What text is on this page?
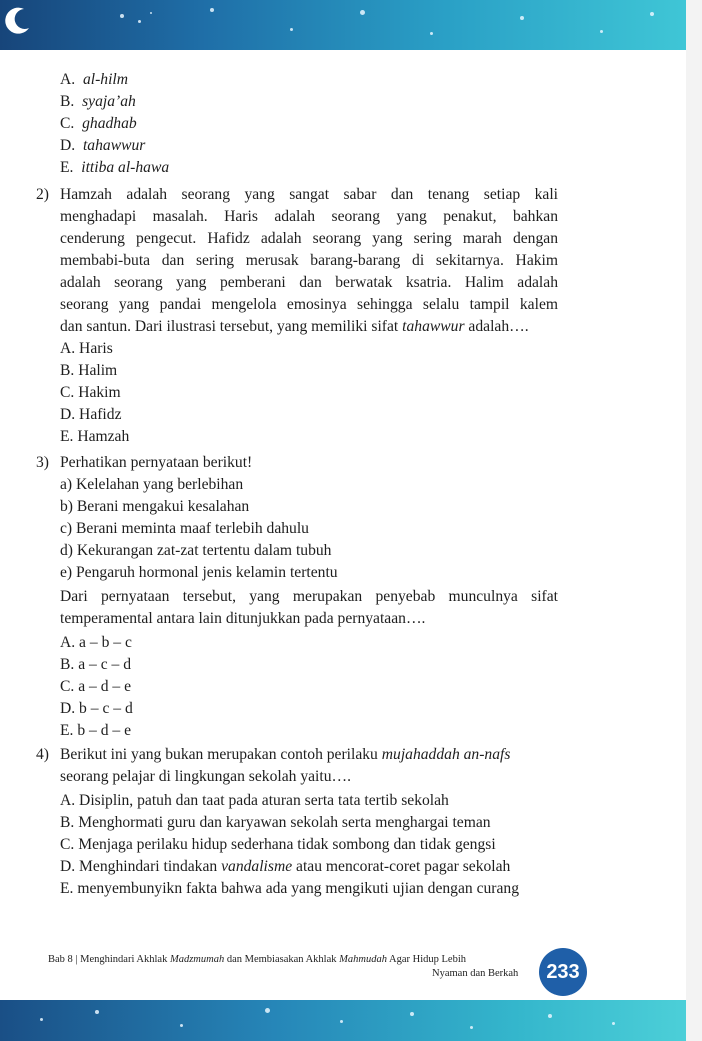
A. al-hilm
B. syaja’ah
C. ghadhab
D. tahawwur
E. ittiba al-hawa
2) Hamzah adalah seorang yang sangat sabar dan tenang setiap kali
menghadapi masalah. Haris adalah seorang yang penakut, bahkan
cenderung pengecut. Hafidz adalah seorang yang sering marah dengan
membabi-buta dan sering merusak barang-barang di sekitarnya. Hakim
adalah seorang yang pemberani dan berwatak ksatria. Halim adalah
seorang yang pandai mengelola emosinya sehingga selalu tampil kalem
dan santun. Dari ilustrasi tersebut, yang memiliki sifat tahawwur adalah….
A. Haris
B. Halim
C. Hakim
D. Hafidz
E. Hamzah
3) Perhatikan pernyataan berikut!
a) Kelelahan yang berlebihan
b) Berani mengakui kesalahan
c) Berani meminta maaf terlebih dahulu
d) Kekurangan zat-zat tertentu dalam tubuh
e) Pengaruh hormonal jenis kelamin tertentu
Dari pernyataan tersebut, yang merupakan penyebab munculnya sifat
temperamental antara lain ditunjukkan pada pernyataan….
A. a – b – c
B. a – c – d
C. a – d – e
D. b – c – d
E. b – d – e
4) Berikut ini yang bukan merupakan contoh perilaku mujahaddah an-nafs
seorang pelajar di lingkungan sekolah yaitu….
A. Disiplin, patuh dan taat pada aturan serta tata tertib sekolah
B. Menghormati guru dan karyawan sekolah serta menghargai teman
C. Menjaga perilaku hidup sederhana tidak sombong dan tidak gengsi
D. Menghindari tindakan vandalisme atau mencorat-coret pagar sekolah
E. menyembunyikn fakta bahwa ada yang mengikuti ujian dengan curang
Bab 8 | Menghindari Akhlak Madzmumah dan Membiasakan Akhlak Mahmudah Agar Hidup Lebih
Nyaman dan Berkah	233
